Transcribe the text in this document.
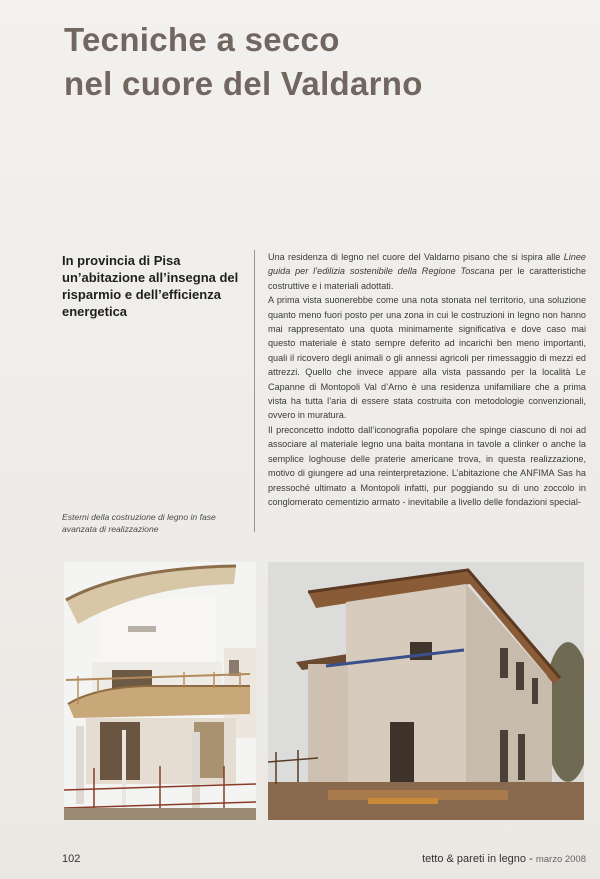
Tecniche a secco
nel cuore del Valdarno
In provincia di Pisa un’abitazione all’insegna del risparmio e dell’efficienza energetica

Una residenza di legno nel cuore del Valdarno pisano che si ispira alle Linee guida per l’edilizia sostenibile della Regione Toscana per le caratteristiche costruttive e i materiali adottati.

A prima vista suonerebbe come una nota stonata nel territorio, una soluzione quanto meno fuori posto per una zona in cui le costruzioni in legno non hanno mai rappresentato una quota minimamente significativa e dove caso mai questo materiale è stato sempre deferito ad incarichi ben meno importanti, quali il ricovero degli animali o gli annessi agricoli per rimessaggio di mezzi ed attrezzi. Quello che invece appare alla vista passando per la località Le Capanne di Montopoli Val d’Arno è una residenza unifamiliare che a prima vista ha tutta l’aria di essere stata costruita con metodologie convenzionali, ovvero in muratura.

Il preconcetto indotto dall’iconografia popolare che spinge ciascuno di noi ad associare al materiale legno una baita montana in tavole a clinker o anche la semplice loghouse delle praterie americane trova, in questa realizzazione, motivo di giungere ad una reinterpretazione. L’abitazione che ANFIMA Sas ha pressoché ultimato a Montopoli infatti, pur poggiando su di uno zoccolo in conglomerato cementizio armato - inevitabile a livello delle fondazioni special-

Esterni della costruzione di legno in fase avanzata di realizzazione
102	tetto & pareti in legno - marzo 2008
